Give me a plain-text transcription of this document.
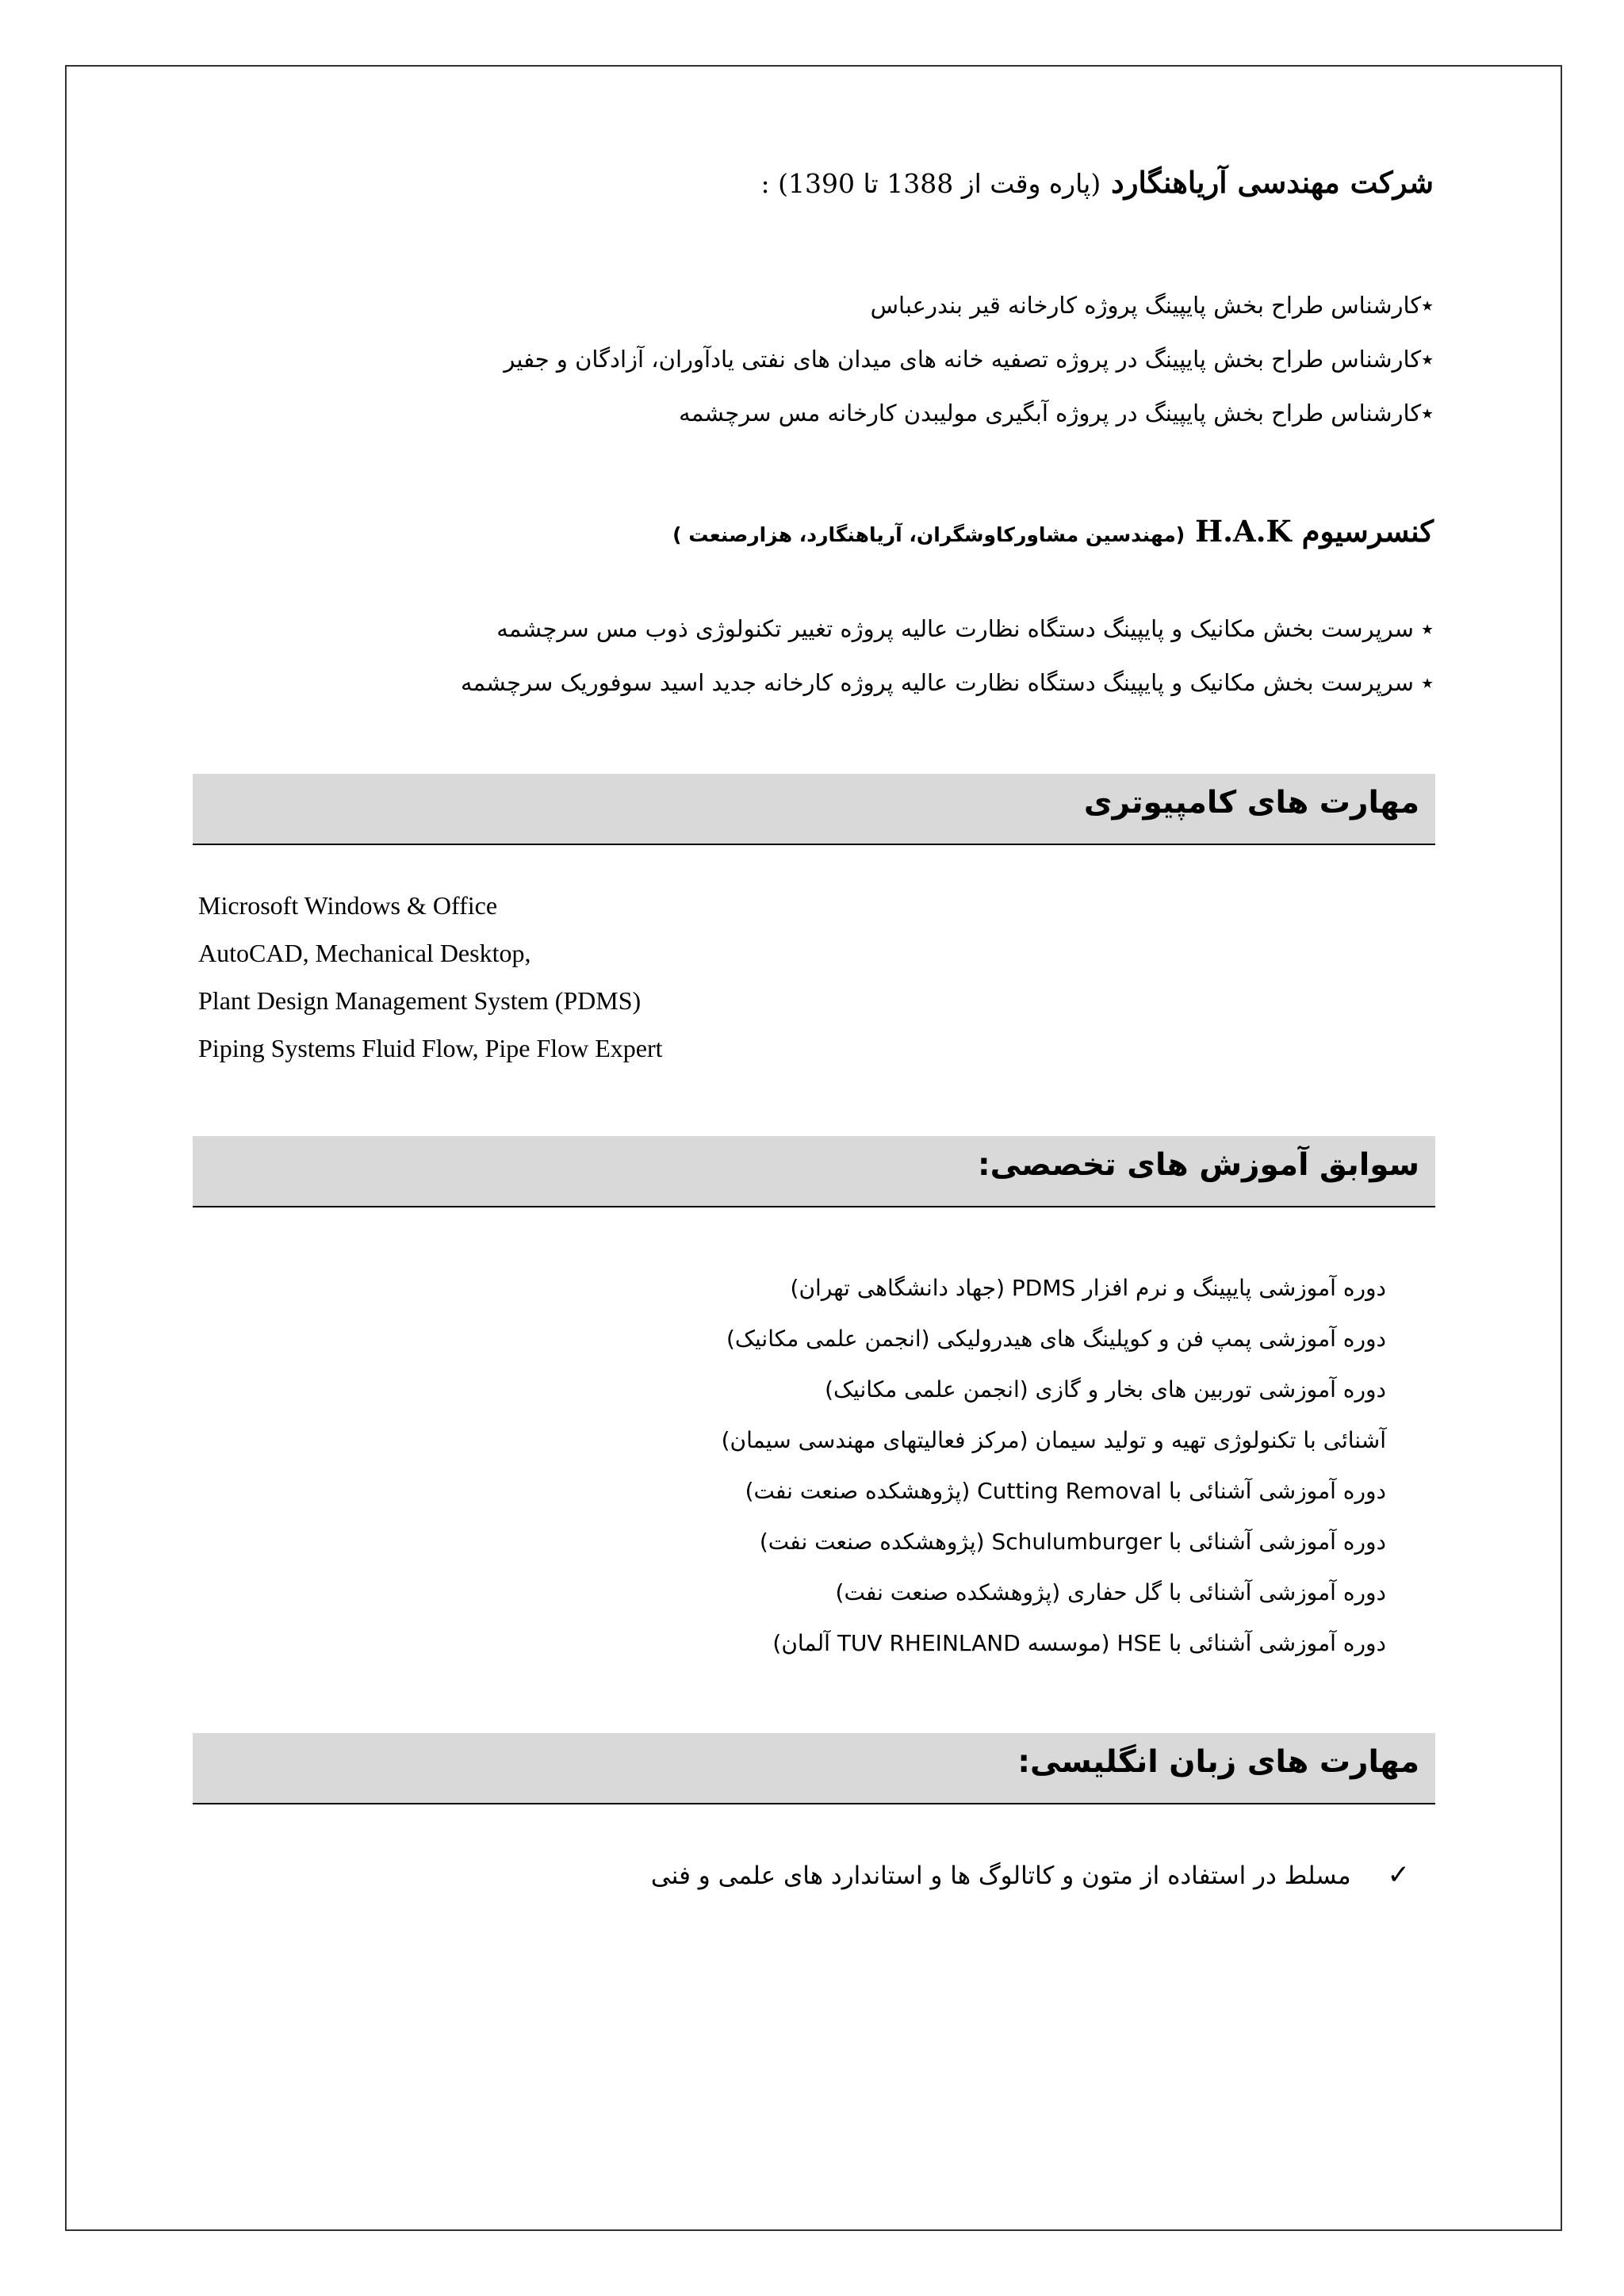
شرکت مهندسی آریاهنگارد (پاره وقت از 1388 تا 1390) :
٭کارشناس طراح بخش پایپینگ پروژه کارخانه قیر بندرعباس
٭کارشناس طراح بخش پایپینگ در پروژه تصفیه خانه های میدان های نفتی یادآوران، آزادگان و جفیر
٭کارشناس طراح بخش پایپینگ در پروژه آبگیری مولیبدن کارخانه مس سرچشمه
کنسرسیوم H.A.K (مهندسین مشاورکاوشگران، آریاهنگارد، هزارصنعت )
٭ سرپرست بخش مکانیک و پایپینگ دستگاه نظارت عالیه پروژه تغییر تکنولوژی ذوب مس سرچشمه
٭ سرپرست بخش مکانیک و پایپینگ دستگاه نظارت عالیه پروژه کارخانه جدید اسید سوفوریک سرچشمه
مهارت های کامپیوتری
Microsoft Windows & Office
AutoCAD, Mechanical Desktop,
Plant Design Management System (PDMS)
Piping Systems Fluid Flow, Pipe Flow Expert
سوابق آموزش های تخصصی:
دوره آموزشی پایپینگ و نرم افزار PDMS (جهاد دانشگاهی تهران)
دوره آموزشی پمپ فن و کوپلینگ های هیدرولیکی (انجمن علمی مکانیک)
دوره آموزشی توربین های بخار و گازی (انجمن علمی مکانیک)
آشنائی با تکنولوژی تهیه و تولید سیمان (مرکز فعالیتهای مهندسی سیمان)
دوره آموزشی آشنائی با Cutting Removal (پژوهشکده صنعت نفت)
دوره آموزشی آشنائی با Schulumburger (پژوهشکده صنعت نفت)
دوره آموزشی آشنائی با گل حفاری (پژوهشکده صنعت نفت)
دوره آموزشی آشنائی با HSE (موسسه TUV RHEINLAND آلمان)
مهارت های زبان انگلیسی:
✓ مسلط در استفاده از متون و کاتالوگ ها و استاندارد های علمی و فنی
